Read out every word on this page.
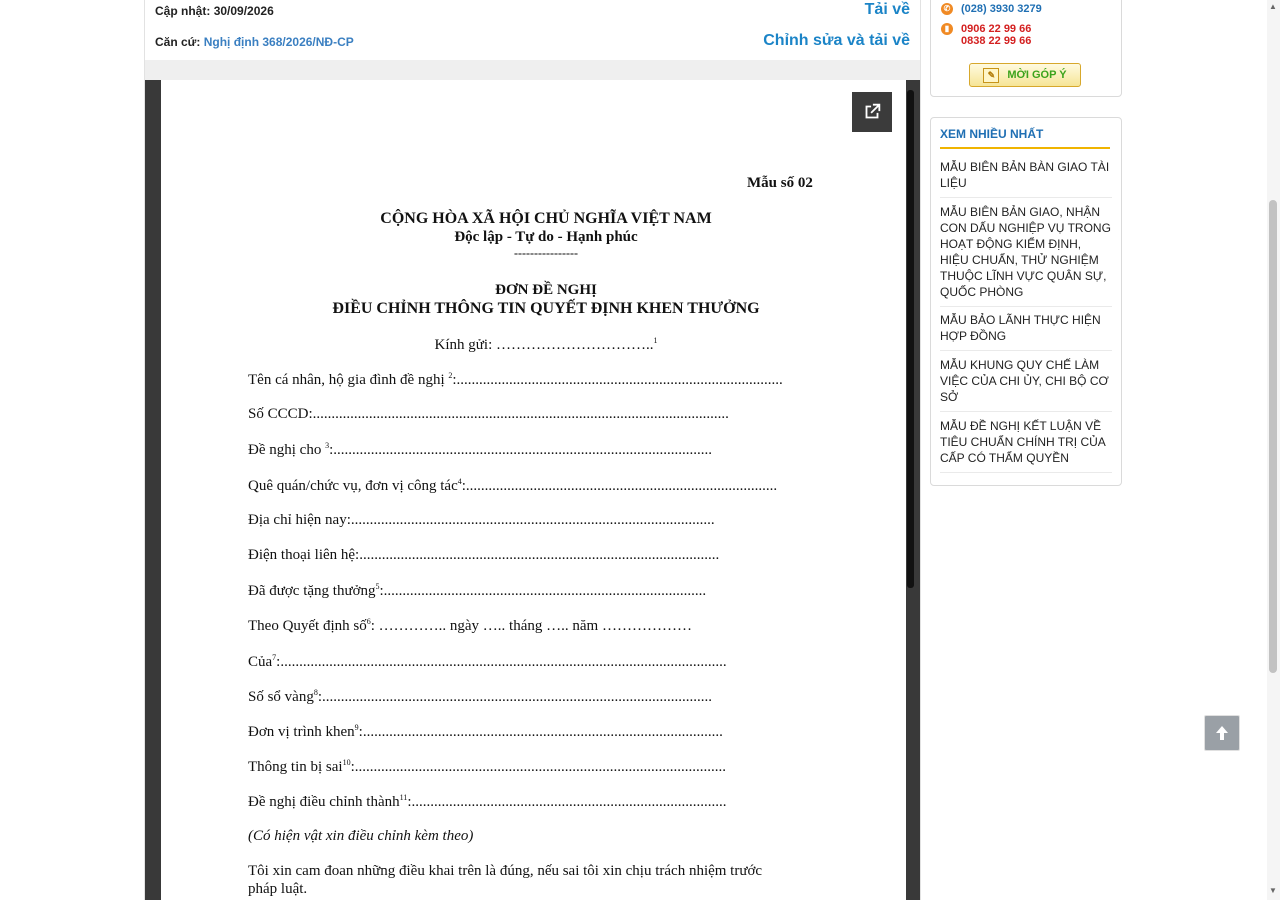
Cập nhật: 30/09/2026
Căn cứ: Nghị định 368/2026/NĐ-CP
Tải về
Chỉnh sửa và tải về
Mẫu số 02
CỘNG HÒA XÃ HỘI CHỦ NGHĨA VIỆT NAM
Độc lập - Tự do - Hạnh phúc
----------------
ĐƠN ĐỀ NGHỊ
ĐIỀU CHỈNH THÔNG TIN QUYẾT ĐỊNH KHEN THƯỞNG
Kính gửi: …………………………..$^1$
Tên cá nhân, hộ gia đình đề nghị $^2$:.......................................................................................
Số CCCD:...............................................................................................................
Đề nghị cho $^3$:.....................................................................................................
Quê quán/chức vụ, đơn vị công tác$^4$:...................................................................................
Địa chỉ hiện nay:.................................................................................................
Điện thoại liên hệ:................................................................................................
Đã được tặng thưởng$^5$:......................................................................................
Theo Quyết định số$^6$: ………….. ngày ….. tháng ….. năm ………………
Của$^7$:.......................................................................................................................
Số sổ vàng$^8$:........................................................................................................
Đơn vị trình khen$^9$:................................................................................................
Thông tin bị sai$^{10}$:...................................................................................................
Đề nghị điều chỉnh thành$^{11}$:....................................................................................
(Có hiện vật xin điều chỉnh kèm theo)
Tôi xin cam đoan những điều khai trên là đúng, nếu sai tôi xin chịu trách nhiệm trước
pháp luật.
✆ (028) 3930 3279
▮ 0906 22 99 66
0838 22 99 66
✎	MỜI GÓP Ý
XEM NHIỀU NHẤT
MẪU BIÊN BẢN BÀN GIAO TÀI LIỆU
MẪU BIÊN BẢN GIAO, NHẬN CON DẤU NGHIỆP VỤ TRONG HOẠT ĐỘNG KIỂM ĐỊNH, HIỆU CHUẨN, THỬ NGHIỆM THUỘC LĨNH VỰC QUÂN SỰ, QUỐC PHÒNG
MẪU BẢO LÃNH THỰC HIỆN HỢP ĐỒNG
MẪU KHUNG QUY CHẾ LÀM VIỆC CỦA CHI ỦY, CHI BỘ CƠ SỞ
MẪU ĐỀ NGHỊ KẾT LUẬN VỀ TIÊU CHUẨN CHÍNH TRỊ CỦA CẤP CÓ THẨM QUYỀN
▲
▼
